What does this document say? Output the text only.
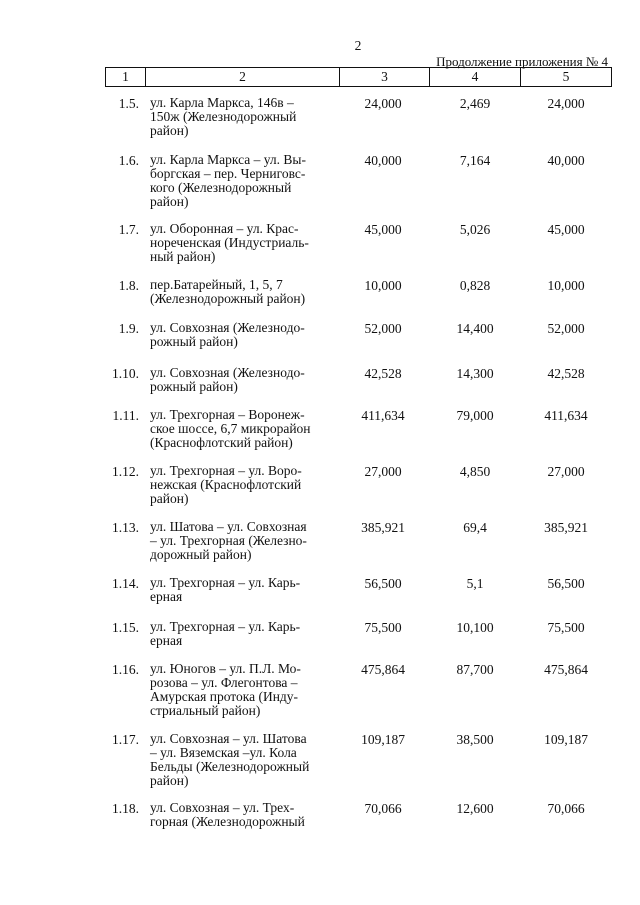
2
Продолжение приложения № 4
1	2	3	4	5
1.5. ул. Карла Маркса, 146в –
150ж (Железнодорожный
район)
24,000	2,469	24,000
1.6. ул. Карла Маркса – ул. Вы-
боргская – пер. Черниговс-
кого (Железнодорожный
район)
40,000	7,164	40,000
1.7. ул. Оборонная – ул. Крас-
нореченская (Индустриаль-
ный район)
45,000	5,026	45,000
1.8. пер.Батарейный, 1, 5, 7
(Железнодорожный район)
10,000	0,828	10,000
1.9. ул. Совхозная (Железнодо-
рожный район)
52,000	14,400	52,000
1.10. ул. Совхозная (Железнодо-
рожный район)
42,528	14,300	42,528
1.11. ул. Трехгорная – Воронеж-
ское шоссе, 6,7 микрорайон
(Краснофлотский район)
411,634	79,000	411,634
1.12. ул. Трехгорная – ул. Воро-
нежская (Краснофлотский
район)
27,000	4,850	27,000
1.13. ул. Шатова – ул. Совхозная
– ул. Трехгорная (Железно-
дорожный район)
385,921	69,4	385,921
1.14. ул. Трехгорная – ул. Карь-
ерная
56,500	5,1	56,500
1.15. ул. Трехгорная – ул. Карь-
ерная
75,500	10,100	75,500
1.16. ул. Юногов – ул. П.Л. Мо-
розова – ул. Флегонтова –
Амурская протока (Инду-
стриальный район)
475,864	87,700	475,864
1.17. ул. Совхозная – ул. Шатова
– ул. Вяземская –ул. Кола
Бельды (Железнодорожный
район)
109,187	38,500	109,187
1.18. ул. Совхозная – ул. Трех-
горная (Железнодорожный
70,066	12,600	70,066
